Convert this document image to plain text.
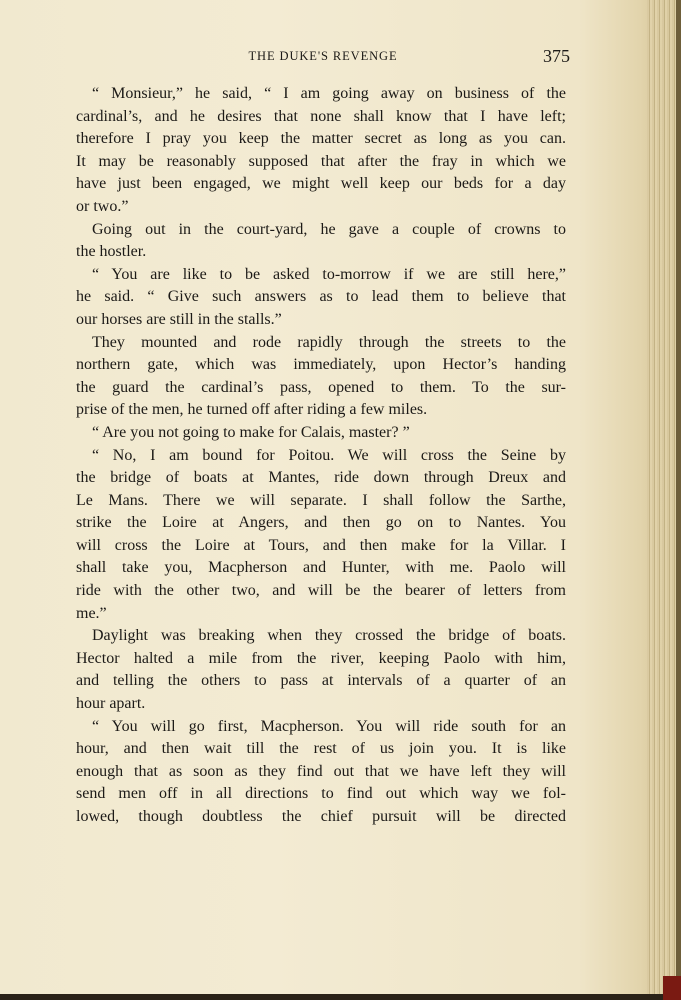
THE DUKE'S REVENGE	375
“ Monsieur,” he said, “ I am going away on business of the
cardinal’s, and he desires that none shall know that I have left;
therefore I pray you keep the matter secret as long as you can.
It may be reasonably supposed that after the fray in which we
have just been engaged, we might well keep our beds for a day
or two.”
Going out in the court-yard, he gave a couple of crowns to
the hostler.
“ You are like to be asked to-morrow if we are still here,”
he said. “ Give such answers as to lead them to believe that
our horses are still in the stalls.”
They mounted and rode rapidly through the streets to the
northern gate, which was immediately, upon Hector’s handing
the guard the cardinal’s pass, opened to them. To the sur-
prise of the men, he turned off after riding a few miles.
“ Are you not going to make for Calais, master? ”
“ No, I am bound for Poitou. We will cross the Seine by
the bridge of boats at Mantes, ride down through Dreux and
Le Mans. There we will separate. I shall follow the Sarthe,
strike the Loire at Angers, and then go on to Nantes. You
will cross the Loire at Tours, and then make for la Villar. I
shall take you, Macpherson and Hunter, with me. Paolo will
ride with the other two, and will be the bearer of letters from
me.”
Daylight was breaking when they crossed the bridge of boats.
Hector halted a mile from the river, keeping Paolo with him,
and telling the others to pass at intervals of a quarter of an
hour apart.
“ You will go first, Macpherson. You will ride south for an
hour, and then wait till the rest of us join you. It is like
enough that as soon as they find out that we have left they will
send men off in all directions to find out which way we fol-
lowed, though doubtless the chief pursuit will be directed
